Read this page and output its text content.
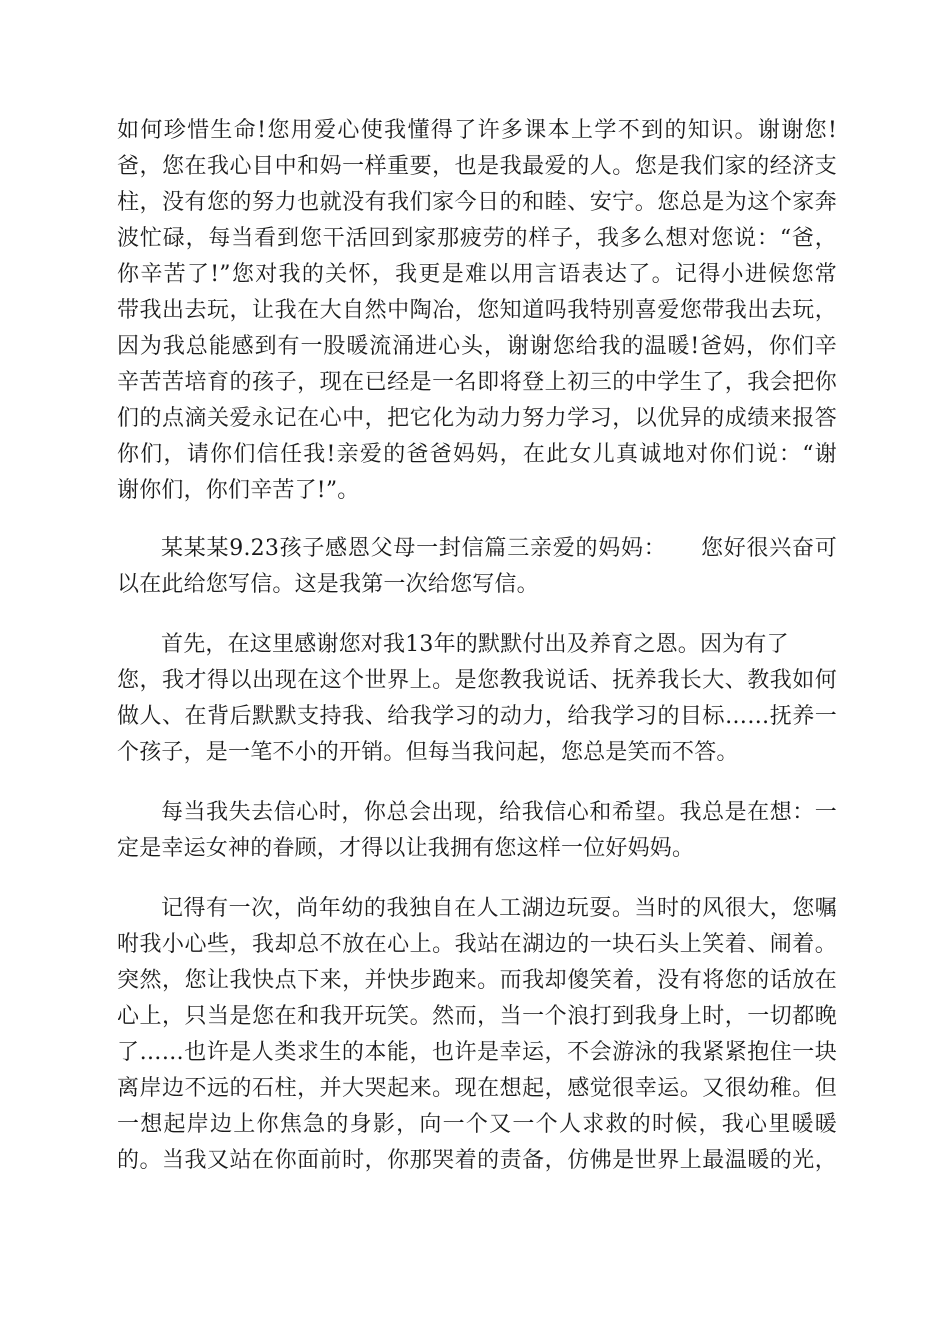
如何珍惜生命!您用爱心使我懂得了许多课本上学不到的知识。谢谢您!
爸，您在我心目中和妈一样重要，也是我最爱的人。您是我们家的经济支
柱，没有您的努力也就没有我们家今日的和睦、安宁。您总是为这个家奔
波忙碌，每当看到您干活回到家那疲劳的样子，我多么想对您说：“爸，
你辛苦了!”您对我的关怀，我更是难以用言语表达了。记得小进候您常
带我出去玩，让我在大自然中陶冶，您知道吗我特别喜爱您带我出去玩，
因为我总能感到有一股暖流涌进心头，谢谢您给我的温暖!爸妈，你们辛
辛苦苦培育的孩子，现在已经是一名即将登上初三的中学生了，我会把你
们的点滴关爱永记在心中，把它化为动力努力学习，以优异的成绩来报答
你们，请你们信任我!亲爱的爸爸妈妈，在此女儿真诚地对你们说：“谢
谢你们，你们辛苦了!”。
某某某9.23孩子感恩父母一封信篇三亲爱的妈妈：　　您好很兴奋可
以在此给您写信。这是我第一次给您写信。
首先，在这里感谢您对我13年的默默付出及养育之恩。因为有了
您，我才得以出现在这个世界上。是您教我说话、抚养我长大、教我如何
做人、在背后默默支持我、给我学习的动力，给我学习的目标……抚养一
个孩子，是一笔不小的开销。但每当我问起，您总是笑而不答。
每当我失去信心时，你总会出现，给我信心和希望。我总是在想：一
定是幸运女神的眷顾，才得以让我拥有您这样一位好妈妈。
记得有一次，尚年幼的我独自在人工湖边玩耍。当时的风很大，您嘱
咐我小心些，我却总不放在心上。我站在湖边的一块石头上笑着、闹着。
突然，您让我快点下来，并快步跑来。而我却傻笑着，没有将您的话放在
心上，只当是您在和我开玩笑。然而，当一个浪打到我身上时，一切都晚
了……也许是人类求生的本能，也许是幸运，不会游泳的我紧紧抱住一块
离岸边不远的石柱，并大哭起来。现在想起，感觉很幸运。又很幼稚。但
一想起岸边上你焦急的身影，向一个又一个人求救的时候，我心里暖暖
的。当我又站在你面前时，你那哭着的责备，仿佛是世界上最温暖的光，
